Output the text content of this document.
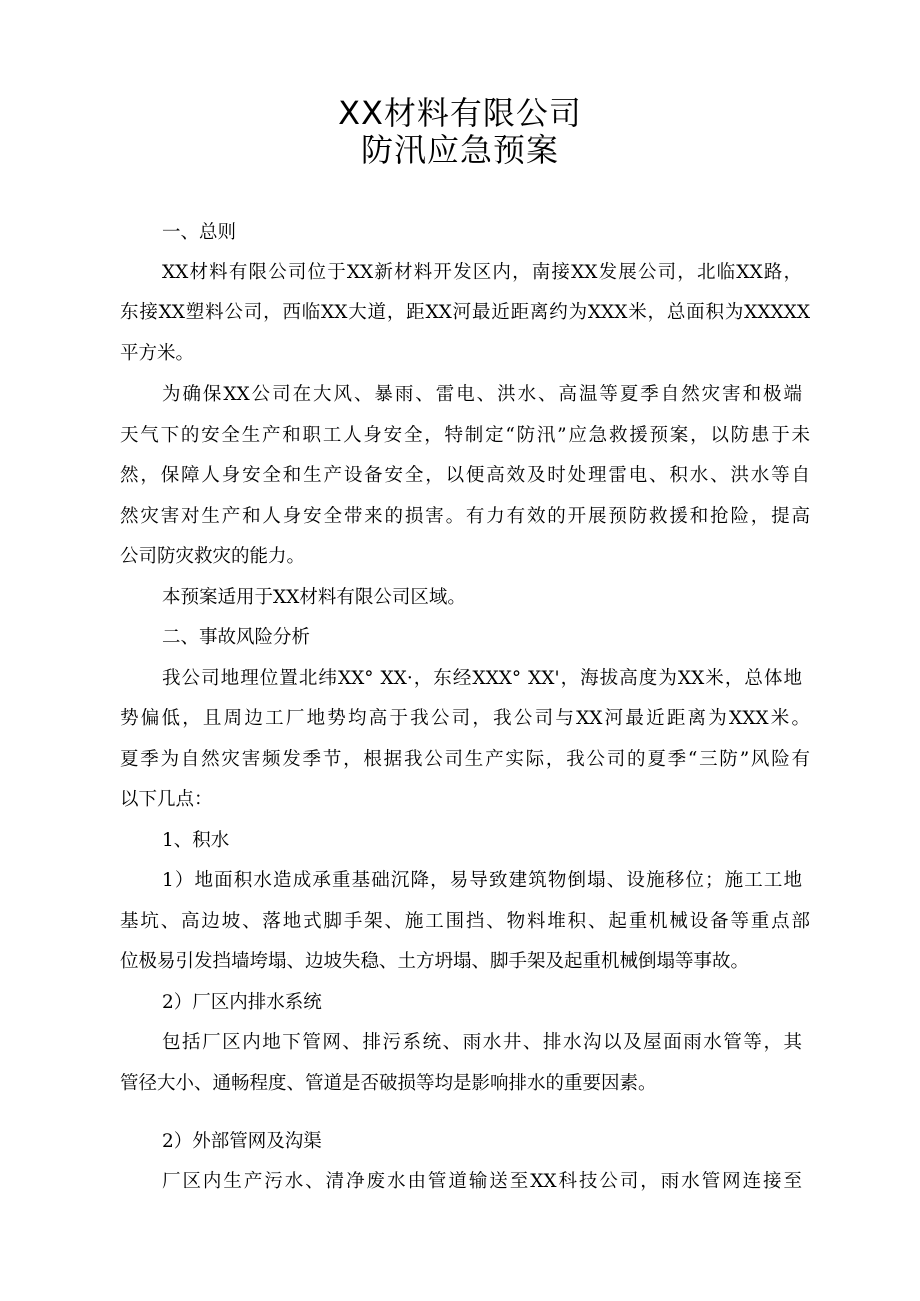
XX材料有限公司
防汛应急预案
一、总则
XX材料有限公司位于XX新材料开发区内，南接XX发展公司，北临XX路，
东接XX塑料公司，西临XX大道，距XX河最近距离约为XXX米，总面积为XXXXX
平方米。
为确保XX公司在大风、暴雨、雷电、洪水、高温等夏季自然灾害和极端
天气下的安全生产和职工人身安全，特制定“防汛”应急救援预案，以防患于未
然，保障人身安全和生产设备安全，以便高效及时处理雷电、积水、洪水等自
然灾害对生产和人身安全带来的损害。有力有效的开展预防救援和抢险，提高
公司防灾救灾的能力。
本预案适用于XX材料有限公司区域。
二、事故风险分析
我公司地理位置北纬XX° XX·，东经XXX° XX'，海拔高度为XX米，总体地
势偏低，且周边工厂地势均高于我公司，我公司与XX河最近距离为XXX米。
夏季为自然灾害频发季节，根据我公司生产实际，我公司的夏季“三防”风险有
以下几点：
1、积水
1）地面积水造成承重基础沉降，易导致建筑物倒塌、设施移位；施工工地
基坑、高边坡、落地式脚手架、施工围挡、物料堆积、起重机械设备等重点部
位极易引发挡墙垮塌、边坡失稳、土方坍塌、脚手架及起重机械倒塌等事故。
2）厂区内排水系统
包括厂区内地下管网、排污系统、雨水井、排水沟以及屋面雨水管等，其
管径大小、通畅程度、管道是否破损等均是影响排水的重要因素。
2）外部管网及沟渠
厂区内生产污水、清净废水由管道输送至XX科技公司，雨水管网连接至
